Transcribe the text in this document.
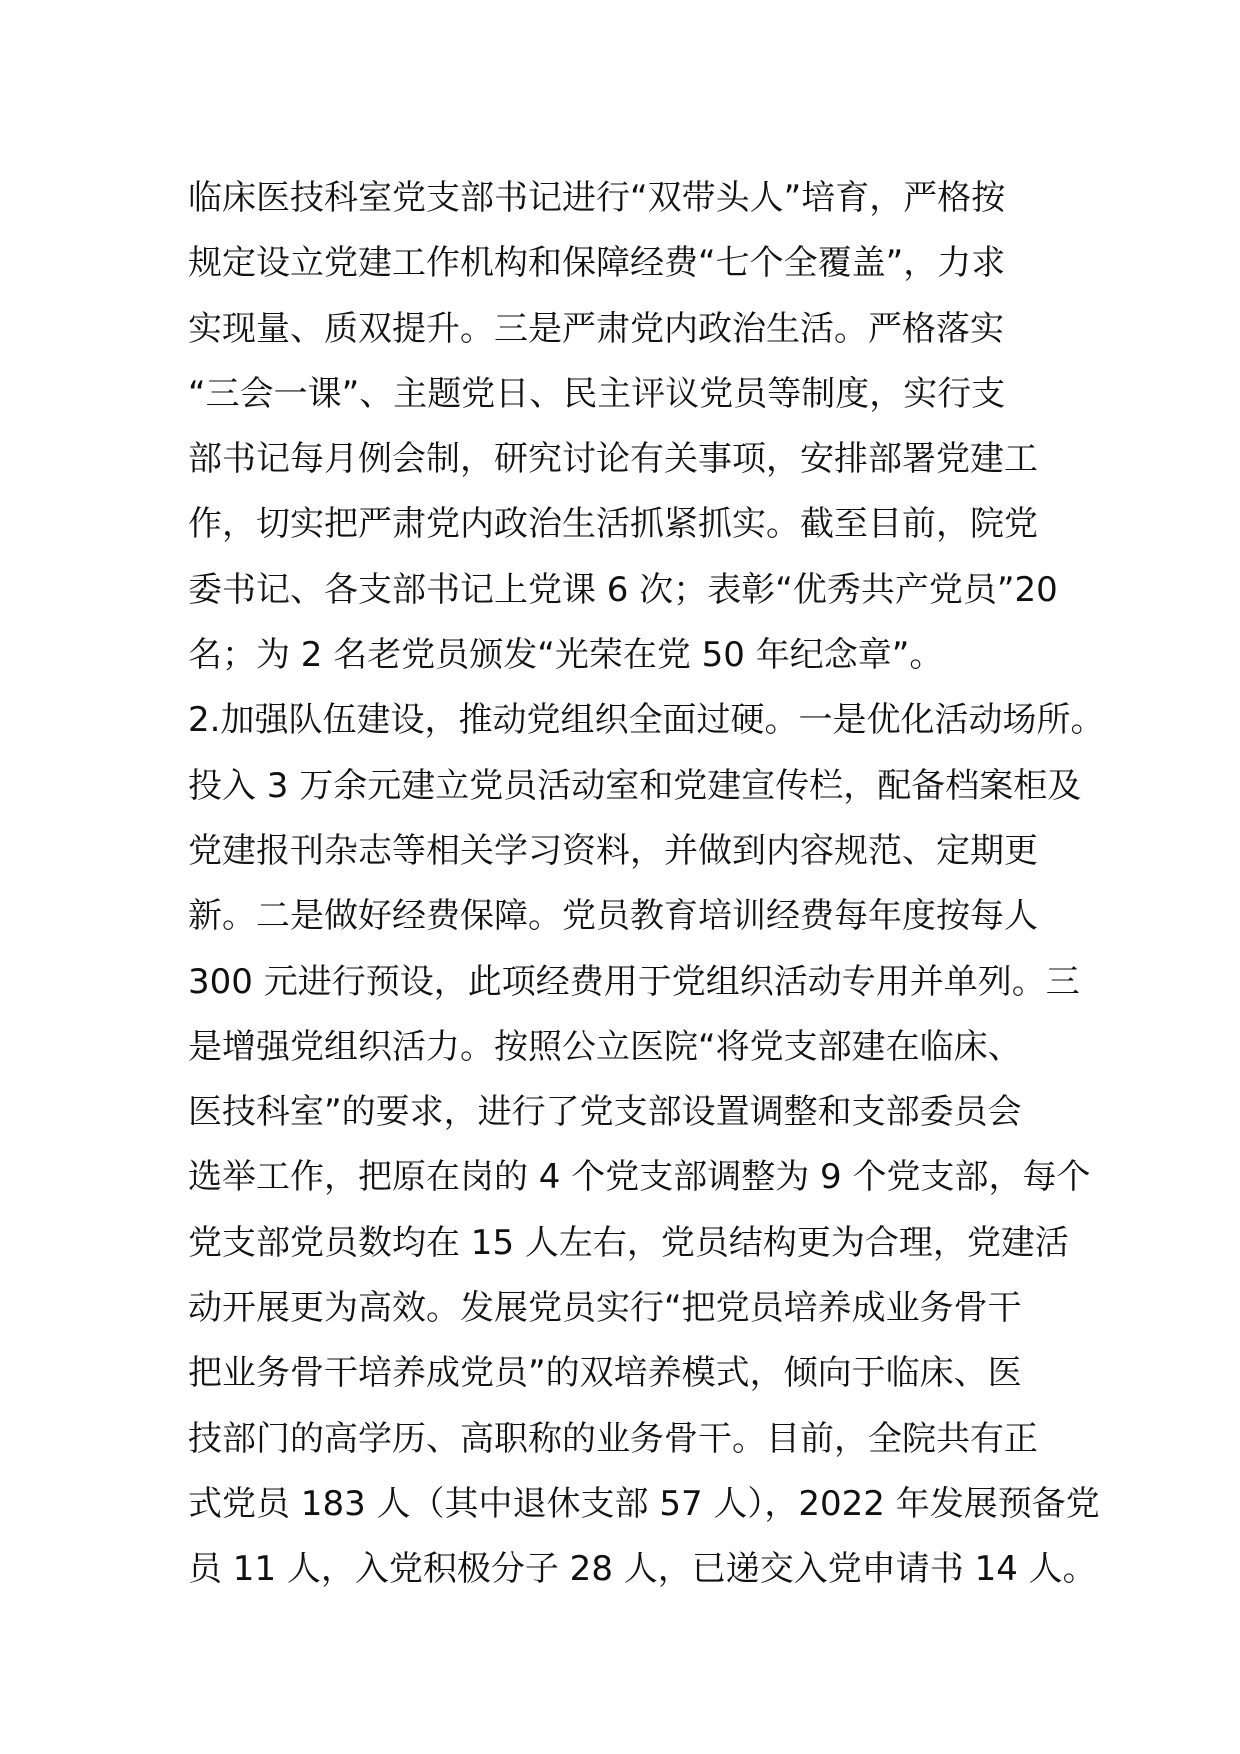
临床医技科室党支部书记进行“双带头人”培育，严格按
规定设立党建工作机构和保障经费“七个全覆盖”，力求
实现量、质双提升。三是严肃党内政治生活。严格落实
“三会一课”、主题党日、民主评议党员等制度，实行支
部书记每月例会制，研究讨论有关事项，安排部署党建工
作，切实把严肃党内政治生活抓紧抓实。截至目前，院党
委书记、各支部书记上党课 6 次；表彰“优秀共产党员”20
名；为 2 名老党员颁发“光荣在党 50 年纪念章”。
2.加强队伍建设，推动党组织全面过硬。一是优化活动场所。
投入 3 万余元建立党员活动室和党建宣传栏，配备档案柜及
党建报刊杂志等相关学习资料，并做到内容规范、定期更
新。二是做好经费保障。党员教育培训经费每年度按每人
300 元进行预设，此项经费用于党组织活动专用并单列。三
是增强党组织活力。按照公立医院“将党支部建在临床、
医技科室”的要求，进行了党支部设置调整和支部委员会
选举工作，把原在岗的 4 个党支部调整为 9 个党支部，每个
党支部党员数均在 15 人左右，党员结构更为合理，党建活
动开展更为高效。发展党员实行“把党员培养成业务骨干
把业务骨干培养成党员”的双培养模式，倾向于临床、医
技部门的高学历、高职称的业务骨干。目前，全院共有正
式党员 183 人（其中退休支部 57 人），2022 年发展预备党
员 11 人，入党积极分子 28 人，已递交入党申请书 14 人。
